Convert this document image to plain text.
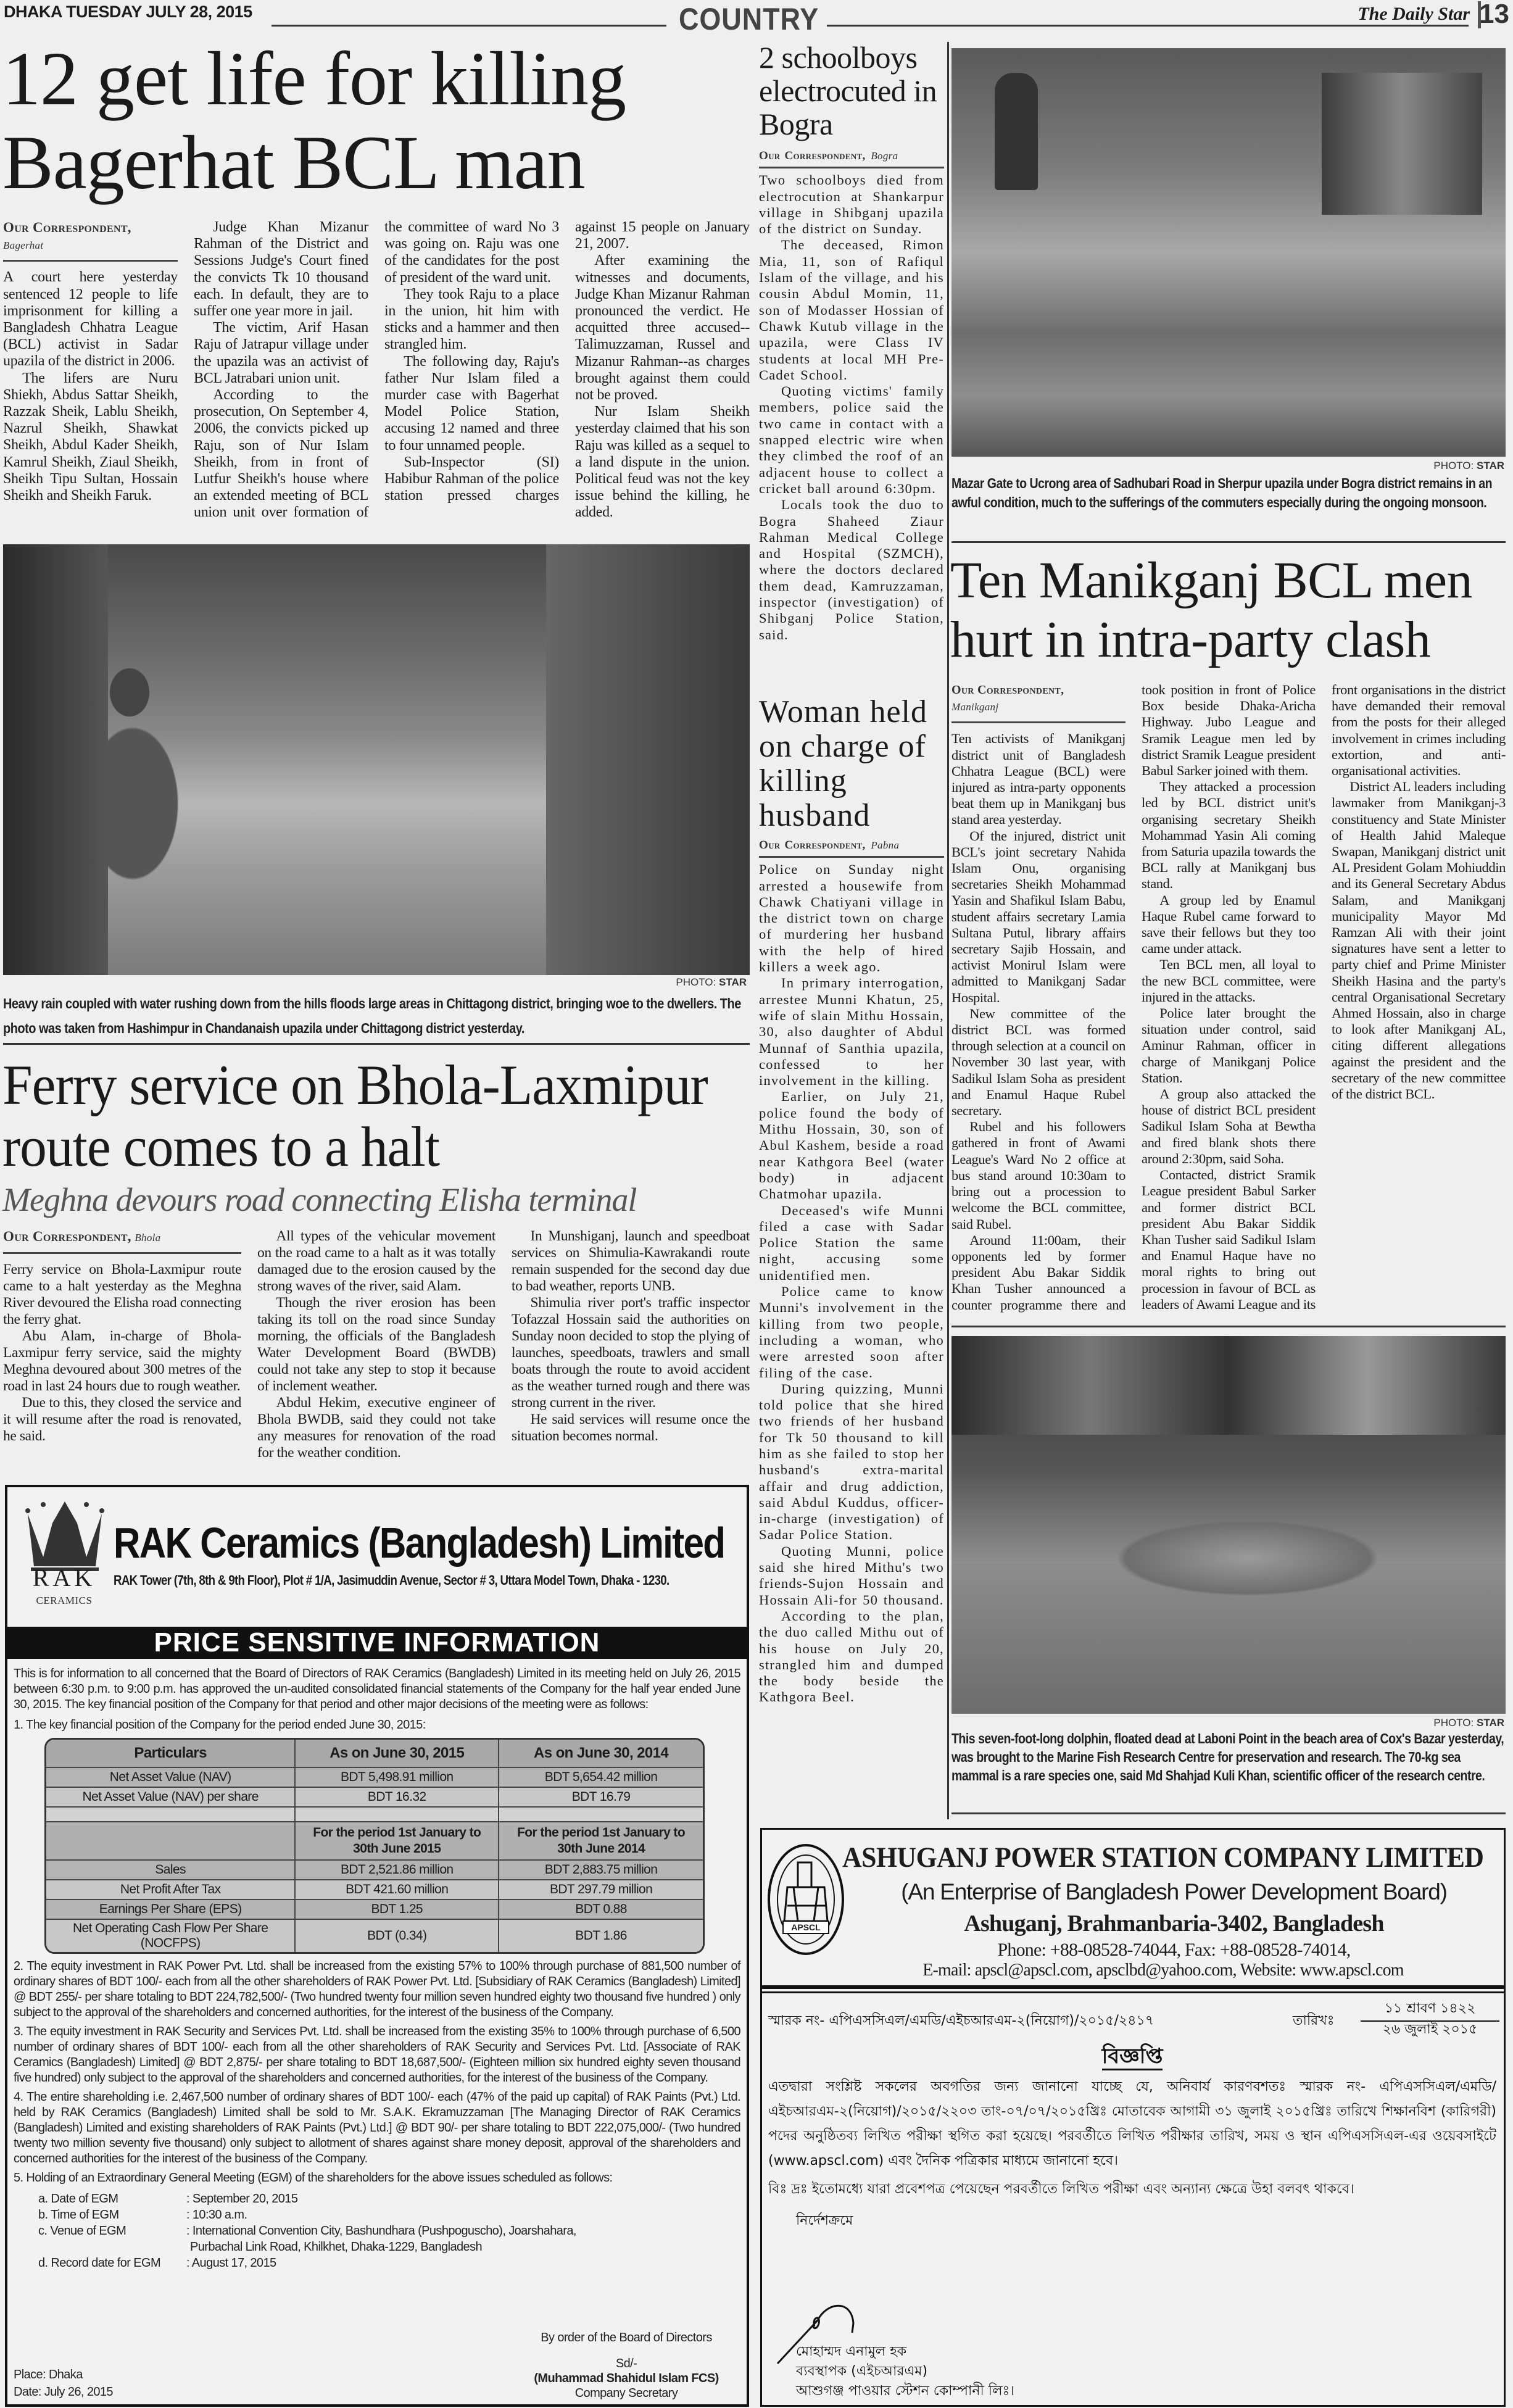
DHAKA TUESDAY JULY 28, 2015	COUNTRY	The Daily Star 13
12 get life for killing
Bagerhat BCL man
Our Correspondent,
Bagerhat

A court here yesterday sentenced 12 people to life imprisonment for killing a Bangladesh Chhatra League (BCL) activist in Sadar upazila of the district in 2006.

The lifers are Nuru Shiekh, Abdus Sattar Sheikh, Razzak Sheik, Lablu Sheikh, Nazrul Sheikh, Shawkat Sheikh, Abdul Kader Sheikh, Kamrul Sheikh, Ziaul Sheikh, Sheikh Tipu Sultan, Hossain Sheikh and Sheikh Faruk.

Judge Khan Mizanur Rahman of the District and Sessions Judge's Court fined the convicts Tk 10 thousand each. In default, they are to suffer one year more in jail.

The victim, Arif Hasan Raju of Jatrapur village under the upazila was an activist of BCL Jatrabari union unit.

According to the prosecution, On September 4, 2006, the convicts picked up Raju, son of Nur Islam Sheikh, from in front of Lutfur Sheikh's house where an extended meeting of BCL union unit over formation of the committee of ward No 3 was going on. Raju was one of the candidates for the post of president of the ward unit.

They took Raju to a place in the union, hit him with sticks and a hammer and then strangled him.

The following day, Raju's father Nur Islam filed a murder case with Bagerhat Model Police Station, accusing 12 named and three to four unnamed people.

Sub-Inspector (SI) Habibur Rahman of the police station pressed charges against 15 people on January 21, 2007.

After examining the witnesses and documents, Judge Khan Mizanur Rahman pronounced the verdict. He acquitted three accused--Talimuzzaman, Russel and Mizanur Rahman--as charges brought against them could not be proved.

Nur Islam Sheikh yesterday claimed that his son Raju was killed as a sequel to a land dispute in the union. Political feud was not the key issue behind the killing, he added.

PHOTO: STAR
Heavy rain coupled with water rushing down from the hills floods large areas in Chittagong district, bringing woe to the dwellers. The photo was taken from Hashimpur in Chandanaish upazila under Chittagong district yesterday.
Ferry service on Bhola-Laxmipur
route comes to a halt
Meghna devours road connecting Elisha terminal
Our Correspondent, Bhola

Ferry service on Bhola-Laxmipur route came to a halt yesterday as the Meghna River devoured the Elisha road connecting the ferry ghat.

Abu Alam, in-charge of Bhola-Laxmipur ferry service, said the mighty Meghna devoured about 300 metres of the road in last 24 hours due to rough weather.

Due to this, they closed the service and it will resume after the road is renovated, he said.

All types of the vehicular movement on the road came to a halt as it was totally damaged due to the erosion caused by the strong waves of the river, said Alam.

Though the river erosion has been taking its toll on the road since Sunday morning, the officials of the Bangladesh Water Development Board (BWDB) could not take any step to stop it because of inclement weather.

Abdul Hekim, executive engineer of Bhola BWDB, said they could not take any measures for renovation of the road for the weather condition.

In Munshiganj, launch and speedboat services on Shimulia-Kawrakandi route remain suspended for the second day due to bad weather, reports UNB.

Shimulia river port's traffic inspector Tofazzal Hossain said the authorities on Sunday noon decided to stop the plying of launches, speedboats, trawlers and small boats through the route to avoid accident as the weather turned rough and there was strong current in the river.

He said services will resume once the situation becomes normal.

RAK
CERAMICS
RAK Ceramics (Bangladesh) Limited
RAK Tower (7th, 8th & 9th Floor), Plot # 1/A, Jasimuddin Avenue, Sector # 3, Uttara Model Town, Dhaka - 1230.
PRICE SENSITIVE INFORMATION
This is for information to all concerned that the Board of Directors of RAK Ceramics (Bangladesh) Limited in its meeting held on July 26, 2015 between 6:30 p.m. to 9:00 p.m. has approved the un-audited consolidated financial statements of the Company for the half year ended June 30, 2015. The key financial position of the Company for that period and other major decisions of the meeting were as follows:
1. The key financial position of the Company for the period ended June 30, 2015:
Particulars	As on June 30, 2015	As on June 30, 2014
Net Asset Value (NAV)	BDT 5,498.91 million	BDT 5,654.42 million
Net Asset Value (NAV) per share	BDT 16.32	BDT 16.79

	For the period 1st January to 30th June 2015	For the period 1st January to 30th June 2014
Sales	BDT 2,521.86 million	BDT 2,883.75 million
Net Profit After Tax	BDT 421.60 million	BDT 297.79 million
Earnings Per Share (EPS)	BDT 1.25	BDT 0.88
Net Operating Cash Flow Per Share (NOCFPS)	BDT (0.34)	BDT 1.86
2. The equity investment in RAK Power Pvt. Ltd. shall be increased from the existing 57% to 100% through purchase of 881,500 number of ordinary shares of BDT 100/- each from all the other shareholders of RAK Power Pvt. Ltd. [Subsidiary of RAK Ceramics (Bangladesh) Limited] @ BDT 255/- per share totaling to BDT 224,782,500/- (Two hundred twenty four million seven hundred eighty two thousand five hundred ) only subject to the approval of the shareholders and concerned authorities, for the interest of the business of the Company.
3. The equity investment in RAK Security and Services Pvt. Ltd. shall be increased from the existing 35% to 100% through purchase of 6,500 number of ordinary shares of BDT 100/- each from all the other shareholders of RAK Security and Services Pvt. Ltd. [Associate of RAK Ceramics (Bangladesh) Limited] @ BDT 2,875/- per share totaling to BDT 18,687,500/- (Eighteen million six hundred eighty seven thousand five hundred) only subject to the approval of the shareholders and concerned authorities, for the interest of the business of the Company.
4. The entire shareholding i.e. 2,467,500 number of ordinary shares of BDT 100/- each (47% of the paid up capital) of RAK Paints (Pvt.) Ltd. held by RAK Ceramics (Bangladesh) Limited shall be sold to Mr. S.A.K. Ekramuzzaman [The Managing Director of RAK Ceramics (Bangladesh) Limited and existing shareholders of RAK Paints (Pvt.) Ltd.] @ BDT 90/- per share totaling to BDT 222,075,000/- (Two hundred twenty two million seventy five thousand) only subject to allotment of shares against share money deposit, approval of the shareholders and concerned authorities for the interest of the business of the Company.
5. Holding of an Extraordinary General Meeting (EGM) of the shareholders for the above issues scheduled as follows:
a. Date of EGM	: September 20, 2015
b. Time of EGM	: 10:30 a.m.
c. Venue of EGM	: International Convention City, Bashundhara (Pushpoguscho), Joarshahara,
Purbachal Link Road, Khilkhet, Dhaka-1229, Bangladesh
d. Record date for EGM : August 17, 2015
Place: Dhaka
Date: July 26, 2015
By order of the Board of Directors
Sd/-
(Muhammad Shahidul Islam FCS)
Company Secretary
2 schoolboys electrocuted in Bogra
Our Correspondent, Bogra

Two schoolboys died from electrocution at Shankarpur village in Shibganj upazila of the district on Sunday.

The deceased, Rimon Mia, 11, son of Rafiqul Islam of the village, and his cousin Abdul Momin, 11, son of Modasser Hossian of Chawk Kutub village in the upazila, were Class IV students at local MH Pre-Cadet School.

Quoting victims' family members, police said the two came in contact with a snapped electric wire when they climbed the roof of an adjacent house to collect a cricket ball around 6:30pm.

Locals took the duo to Bogra Shaheed Ziaur Rahman Medical College and Hospital (SZMCH), where the doctors declared them dead, Kamruzzaman, inspector (investigation) of Shibganj Police Station, said.

Woman held on charge of killing husband
Our Correspondent, Pabna

Police on Sunday night arrested a housewife from Chawk Chatiyani village in the district town on charge of murdering her husband with the help of hired killers a week ago.

In primary interrogation, arrestee Munni Khatun, 25, wife of slain Mithu Hossain, 30, also daughter of Abdul Munnaf of Santhia upazila, confessed to her involvement in the killing.

Earlier, on July 21, police found the body of Mithu Hossain, 30, son of Abul Kashem, beside a road near Kathgora Beel (water body) in adjacent Chatmohar upazila.

Deceased's wife Munni filed a case with Sadar Police Station the same night, accusing some unidentified men.

Police came to know Munni's involvement in the killing from two people, including a woman, who were arrested soon after filing of the case.

During quizzing, Munni told police that she hired two friends of her husband for Tk 50 thousand to kill him as she failed to stop her husband's extra-marital affair and drug addiction, said Abdul Kuddus, officer-in-charge (investigation) of Sadar Police Station.

Quoting Munni, police said she hired Mithu's two friends-Sujon Hossain and Hossain Ali-for 50 thousand.

According to the plan, the duo called Mithu out of his house on July 20, strangled him and dumped the body beside the Kathgora Beel.

PHOTO: STAR
Mazar Gate to Ucrong area of Sadhubari Road in Sherpur upazila under Bogra district remains in an awful condition, much to the sufferings of the commuters especially during the ongoing monsoon.
Ten Manikganj BCL men
hurt in intra-party clash
Our Correspondent,
Manikganj

Ten activists of Manikganj district unit of Bangladesh Chhatra League (BCL) were injured as intra-party opponents beat them up in Manikganj bus stand area yesterday.

Of the injured, district unit BCL's joint secretary Nahida Islam Onu, organising secretaries Sheikh Mohammad Yasin and Shafikul Islam Babu, student affairs secretary Lamia Sultana Putul, library affairs secretary Sajib Hossain, and activist Monirul Islam were admitted to Manikganj Sadar Hospital.

New committee of the district BCL was formed through selection at a council on November 30 last year, with Sadikul Islam Soha as president and Enamul Haque Rubel secretary.

Rubel and his followers gathered in front of Awami League's Ward No 2 office at bus stand around 10:30am to bring out a procession to welcome the BCL committee, said Rubel.

Around 11:00am, their opponents led by former president Abu Bakar Siddik Khan Tusher announced a counter programme there and took position in front of Police Box beside Dhaka-Aricha Highway. Jubo League and Sramik League men led by district Sramik League president Babul Sarker joined with them.

They attacked a procession led by BCL district unit's organising secretary Sheikh Mohammad Yasin Ali coming from Saturia upazila towards the BCL rally at Manikganj bus stand.

A group led by Enamul Haque Rubel came forward to save their fellows but they too came under attack.

Ten BCL men, all loyal to the new BCL committee, were injured in the attacks.

Police later brought the situation under control, said Aminur Rahman, officer in charge of Manikganj Police Station.

A group also attacked the house of district BCL president Sadikul Islam Soha at Bewtha and fired blank shots there around 2:30pm, said Soha.

Contacted, district Sramik League president Babul Sarker and former district BCL president Abu Bakar Siddik Khan Tusher said Sadikul Islam and Enamul Haque have no moral rights to bring out procession in favour of BCL as leaders of Awami League and its front organisations in the district have demanded their removal from the posts for their alleged involvement in crimes including extortion, and anti-organisational activities.

District AL leaders including lawmaker from Manikganj-3 constituency and State Minister of Health Jahid Maleque Swapan, Manikganj district unit AL President Golam Mohiuddin and its General Secretary Abdus Salam, and Manikganj municipality Mayor Md Ramzan Ali with their joint signatures have sent a letter to party chief and Prime Minister Sheikh Hasina and the party's central Organisational Secretary Ahmed Hossain, also in charge to look after Manikganj AL, citing different allegations against the president and the secretary of the new committee of the district BCL.

PHOTO: STAR
This seven-foot-long dolphin, floated dead at Laboni Point in the beach area of Cox's Bazar yesterday, was brought to the Marine Fish Research Centre for preservation and research. The 70-kg sea mammal is a rare species one, said Md Shahjad Kuli Khan, scientific officer of the research centre.
APSCL
ASHUGANJ POWER STATION COMPANY LIMITED
(An Enterprise of Bangladesh Power Development Board)
Ashuganj, Brahmanbaria-3402, Bangladesh
Phone: +88-08528-74044, Fax: +88-08528-74014,
E-mail: apscl@apscl.com, apsclbd@yahoo.com, Website: www.apscl.com
স্মারক নং- এপিএসসিএল/এমডি/এইচআরএম-২(নিয়োগ)/২০১৫/২৪১৭	তারিখঃ
১১ শ্রাবণ ১৪২২
২৬ জুলাই ২০১৫
বিজ্ঞপ্তি
এতদ্বারা সংশ্লিষ্ট সকলের অবগতির জন্য জানানো যাচ্ছে যে, অনিবার্য কারণবশতঃ স্মারক নং- এপিএসসিএল/এমডি/এইচআরএম-২(নিয়োগ)/২০১৫/২২০৩ তাং-০৭/০৭/২০১৫খ্রিঃ মোতাবেক আগামী ৩১ জুলাই ২০১৫খ্রিঃ তারিখে শিক্ষানবিশ (কারিগরী) পদের অনুষ্ঠিতব্য লিখিত পরীক্ষা স্থগিত করা হয়েছে। পরবর্তীতে লিখিত পরীক্ষার তারিখ, সময় ও স্থান এপিএসসিএল-এর ওয়েবসাইটে (www.apscl.com) এবং দৈনিক পত্রিকার মাধ্যমে জানানো হবে।
বিঃ দ্রঃ ইতোমধ্যে যারা প্রবেশপত্র পেয়েছেন পরবর্তীতে লিখিত পরীক্ষা এবং অন্যান্য ক্ষেত্রে উহা বলবৎ থাকবে।
নির্দেশক্রমে
মোহাম্মদ এনামুল হক
ব্যবস্থাপক (এইচআরএম)
আশুগঞ্জ পাওয়ার স্টেশন কোম্পানী লিঃ।
